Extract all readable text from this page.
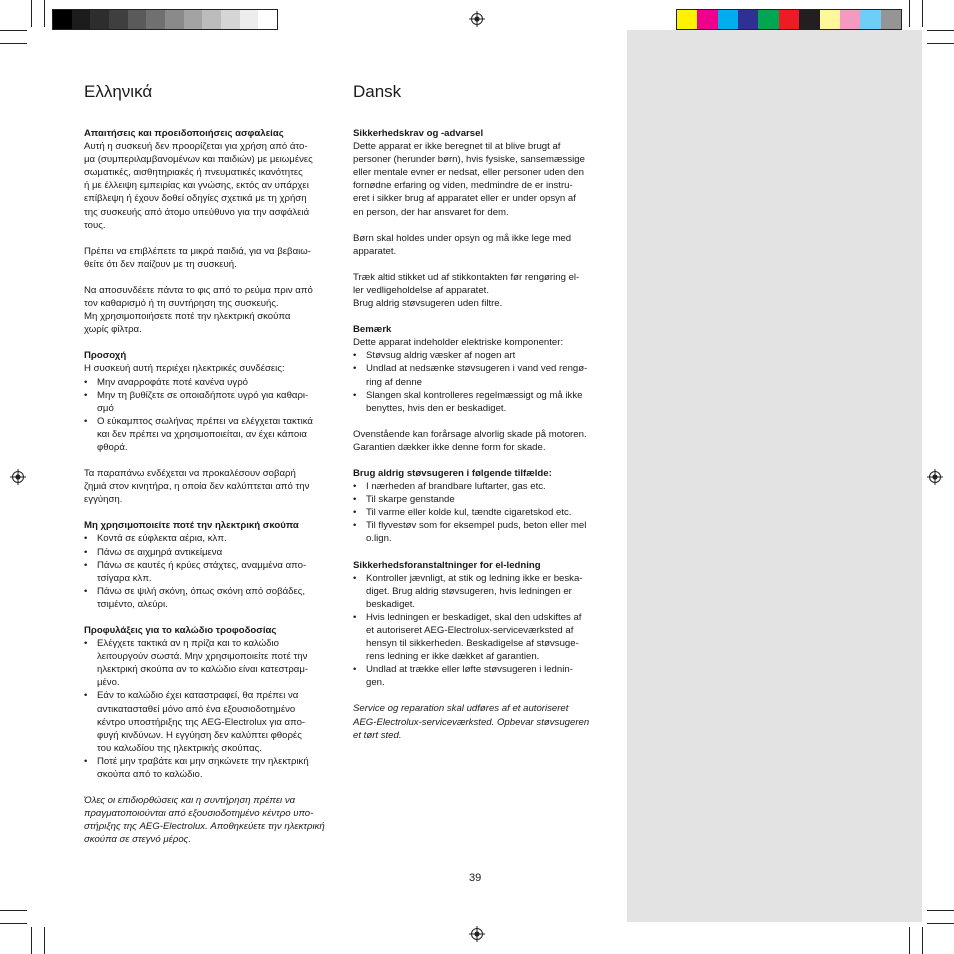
Ελληνικά

Απαιτήσεις και προειδοποιήσεις ασφαλείας

Αυτή η συσκευή δεν προορίζεται για χρήση από άτο-

μα (συμπεριλαμβανομένων και παιδιών) με μειωμένες

σωματικές, αισθητηριακές ή πνευματικές ικανότητες

ή με έλλειψη εμπειρίας και γνώσης, εκτός αν υπάρχει

επίβλεψη ή έχουν δοθεί οδηγίες σχετικά με τη χρήση

της συσκευής από άτομο υπεύθυνο για την ασφάλειά

τους.

Πρέπει να επιβλέπετε τα μικρά παιδιά, για να βεβαιω-

θείτε ότι δεν παίζουν με τη συσκευή.

Να αποσυνδέετε πάντα το φις από το ρεύμα πριν από

τον καθαρισμό ή τη συντήρηση της συσκευής.

Μη χρησιμοποιήσετε ποτέ την ηλεκτρική σκούπα

χωρίς φίλτρα.

Προσοχή

Η συσκευή αυτή περιέχει ηλεκτρικές συνδέσεις:

• Μην αναρροφάτε ποτέ κανένα υγρό
• Μην τη βυθίζετε σε οποιαδήποτε υγρό για καθαρι-
σμό
• Ο εύκαμπτος σωλήνας πρέπει να ελέγχεται τακτικά
και δεν πρέπει να χρησιμοποιείται, αν έχει κάποια
φθορά.

Τα παραπάνω ενδέχεται να προκαλέσουν σοβαρή

ζημιά στον κινητήρα, η οποία δεν καλύπτεται από την

εγγύηση.

Μη χρησιμοποιείτε ποτέ την ηλεκτρική σκούπα

• Κοντά σε εύφλεκτα αέρια, κλπ.
• Πάνω σε αιχμηρά αντικείμενα
• Πάνω σε καυτές ή κρύες στάχτες, αναμμένα απο-
τσίγαρα κλπ.
• Πάνω σε ψιλή σκόνη, όπως σκόνη από σοβάδες,
τσιμέντο, αλεύρι.

Προφυλάξεις για το καλώδιο τροφοδοσίας

• Ελέγχετε τακτικά αν η πρίζα και το καλώδιο
λειτουργούν σωστά. Μην χρησιμοποιείτε ποτέ την
ηλεκτρική σκούπα αν το καλώδιο είναι κατεστραμ-
μένο.
• Εάν το καλώδιο έχει καταστραφεί, θα πρέπει να
αντικατασταθεί μόνο από ένα εξουσιοδοτημένο
κέντρο υποστήριξης της AEG-Electrolux για απο-
φυγή κινδύνων. Η εγγύηση δεν καλύπτει φθορές
του καλωδίου της ηλεκτρικής σκούπας.
• Ποτέ μην τραβάτε και μην σηκώνετε την ηλεκτρική
σκούπα από το καλώδιο.

Όλες οι επιδιορθώσεις και η συντήρηση πρέπει να

πραγματοποιούνται από εξουσιοδοτημένο κέντρο υπο-

στήριξης της AEG-Electrolux. Αποθηκεύετε την ηλεκτρική

σκούπα σε στεγνό μέρος.

Dansk

Sikkerhedskrav og -advarsel

Dette apparat er ikke beregnet til at blive brugt af

personer (herunder børn), hvis fysiske, sansemæssige

eller mentale evner er nedsat, eller personer uden den

fornødne erfaring og viden, medmindre de er instru-

eret i sikker brug af apparatet eller er under opsyn af

en person, der har ansvaret for dem.

Børn skal holdes under opsyn og må ikke lege med

apparatet.

Træk altid stikket ud af stikkontakten før rengøring el-

ler vedligeholdelse af apparatet.

Brug aldrig støvsugeren uden filtre.

Bemærk

Dette apparat indeholder elektriske komponenter:

• Støvsug aldrig væsker af nogen art
• Undlad at nedsænke støvsugeren i vand ved rengø-
ring af denne
• Slangen skal kontrolleres regelmæssigt og må ikke
benyttes, hvis den er beskadiget.

Ovenstående kan forårsage alvorlig skade på motoren.

Garantien dækker ikke denne form for skade.

Brug aldrig støvsugeren i følgende tilfælde:

• I nærheden af brandbare luftarter, gas etc.
• Til skarpe genstande
• Til varme eller kolde kul, tændte cigaretskod etc.
• Til flyvestøv som for eksempel puds, beton eller mel
o.lign.

Sikkerhedsforanstaltninger for el-ledning

• Kontroller jævnligt, at stik og ledning ikke er beska-
diget. Brug aldrig støvsugeren, hvis ledningen er
beskadiget.
• Hvis ledningen er beskadiget, skal den udskiftes af
et autoriseret AEG-Electrolux-serviceværksted af
hensyn til sikkerheden. Beskadigelse af støvsuge-
rens ledning er ikke dækket af garantien.
• Undlad at trække eller løfte støvsugeren i lednin-
gen.

Service og reparation skal udføres af et autoriseret

AEG-Electrolux-serviceværksted. Opbevar støvsugeren

et tørt sted.

39
